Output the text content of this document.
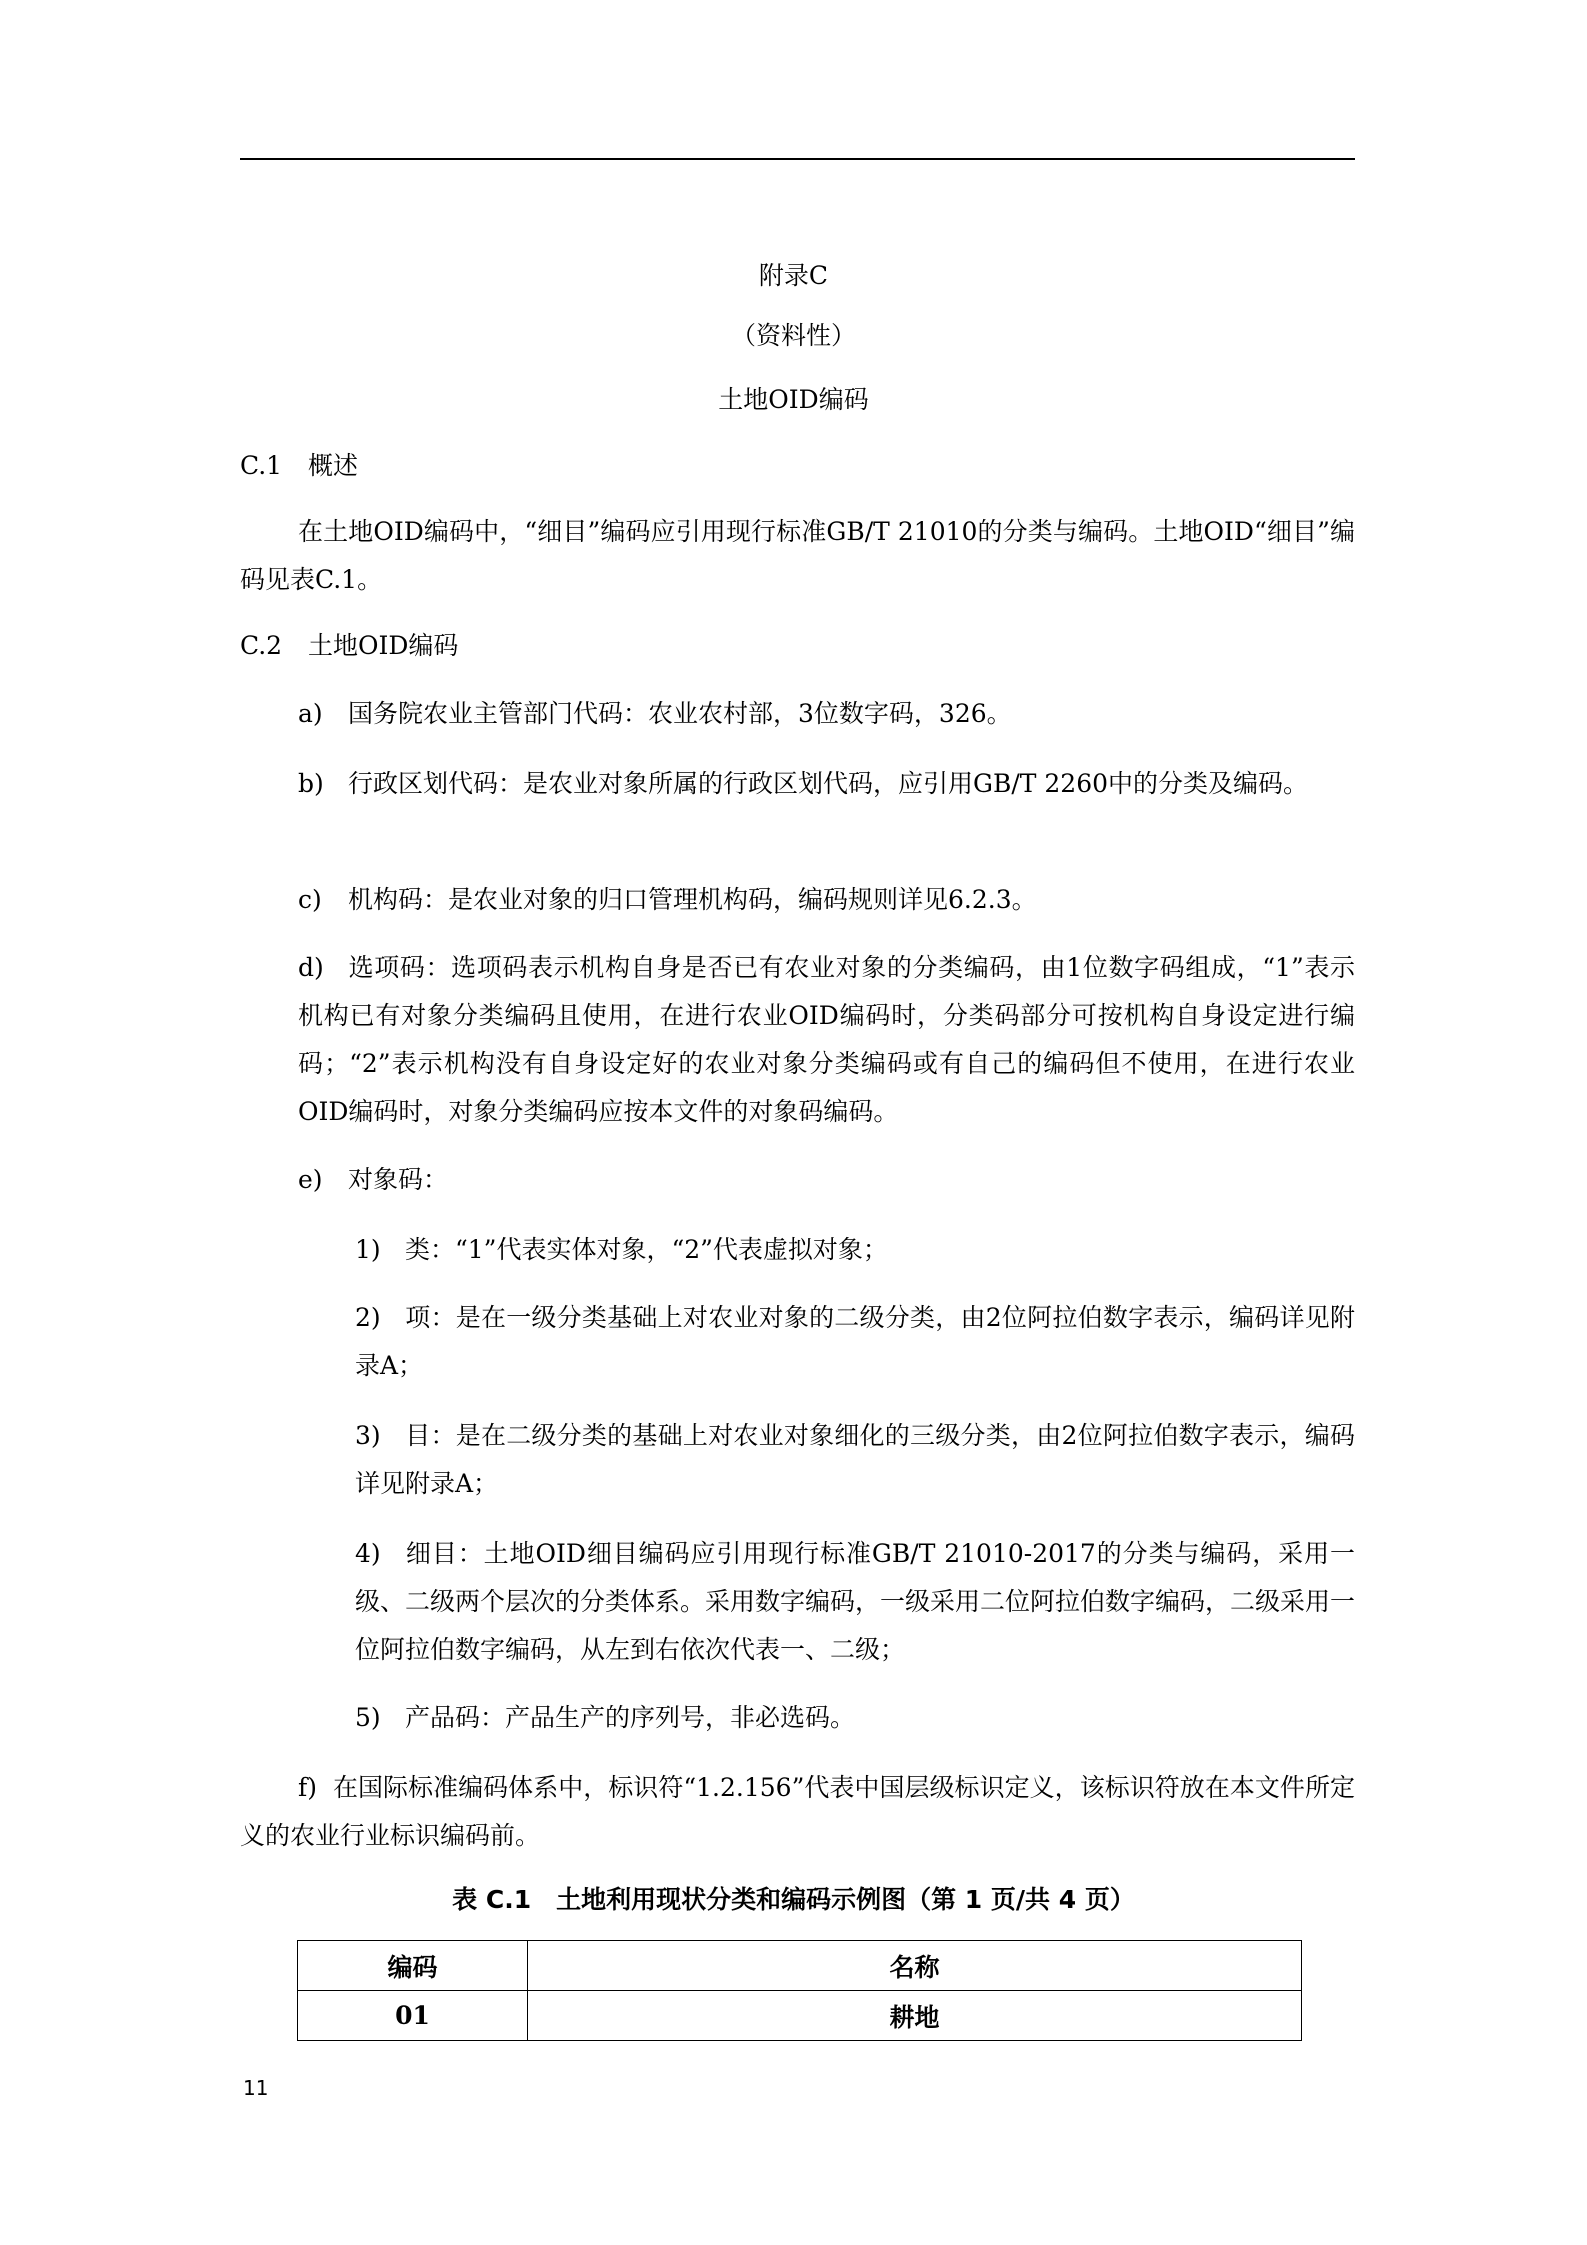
附录C
（资料性）
土地OID编码
C.1 概述
在土地OID编码中，“细目”编码应引用现行标准GB/T 21010的分类与编码。土地OID“细目”编码见表C.1。
C.2 土地OID编码
a) 国务院农业主管部门代码：农业农村部，3位数字码，326。
b) 行政区划代码：是农业对象所属的行政区划代码，应引用GB/T 2260中的分类及编码。
c) 机构码：是农业对象的归口管理机构码，编码规则详见6.2.3。
d) 选项码：选项码表示机构自身是否已有农业对象的分类编码，由1位数字码组成，“1”表示机构已有对象分类编码且使用，在进行农业OID编码时，分类码部分可按机构自身设定进行编码；“2”表示机构没有自身设定好的农业对象分类编码或有自己的编码但不使用，在进行农业OID编码时，对象分类编码应按本文件的对象码编码。
e) 对象码：
1) 类：“1”代表实体对象，“2”代表虚拟对象；
2) 项：是在一级分类基础上对农业对象的二级分类，由2位阿拉伯数字表示，编码详见附录A；
3) 目：是在二级分类的基础上对农业对象细化的三级分类，由2位阿拉伯数字表示，编码详见附录A；
4) 细目：土地OID细目编码应引用现行标准GB/T 21010-2017的分类与编码，采用一级、二级两个层次的分类体系。采用数字编码，一级采用二位阿拉伯数字编码，二级采用一位阿拉伯数字编码，从左到右依次代表一、二级；
5) 产品码：产品生产的序列号，非必选码。
f) 在国际标准编码体系中，标识符“1.2.156”代表中国层级标识定义，该标识符放在本文件所定义的农业行业标识编码前。
表 C.1　土地利用现状分类和编码示例图（第 1 页/共 4 页）
编码	名称
01	耕地
11
